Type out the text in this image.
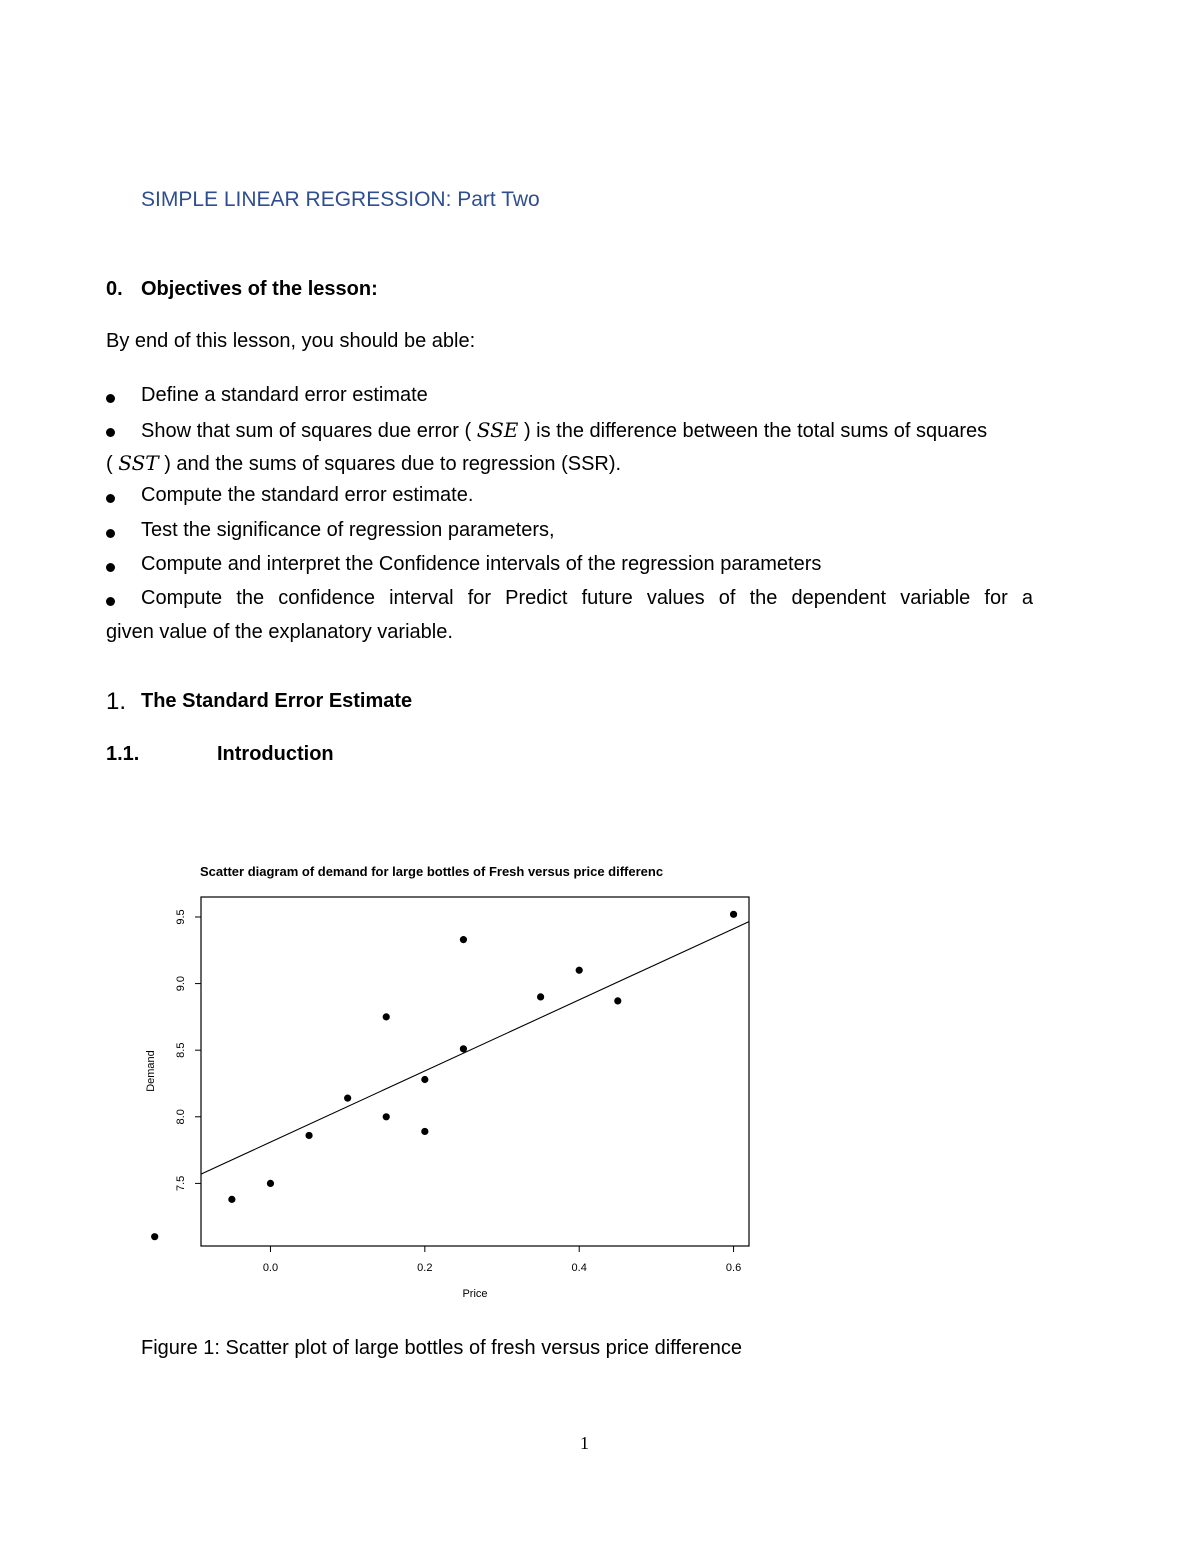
SIMPLE LINEAR REGRESSION: Part Two
0. Objectives of the lesson:
By end of this lesson, you should be able:
Define a standard error estimate
Show that sum of squares due error ( SSE ) is the difference between the total sums of squares
( SST ) and the sums of squares due to regression (SSR).
Compute the standard error estimate.
Test the significance of regression parameters,
Compute and interpret the Confidence intervals of the regression parameters
Compute the confidence interval for Predict future values of the dependent variable for a
given value of the explanatory variable.
1. The Standard Error Estimate
1.1.	Introduction
Scatter diagram of demand for large bottles of Fresh versus price differenc
0.0	0.2	0.4	0.6
7.5
8.0
8.5
9.0
9.5
Price
Demand
Figure 1: Scatter plot of large bottles of fresh versus price difference
1
